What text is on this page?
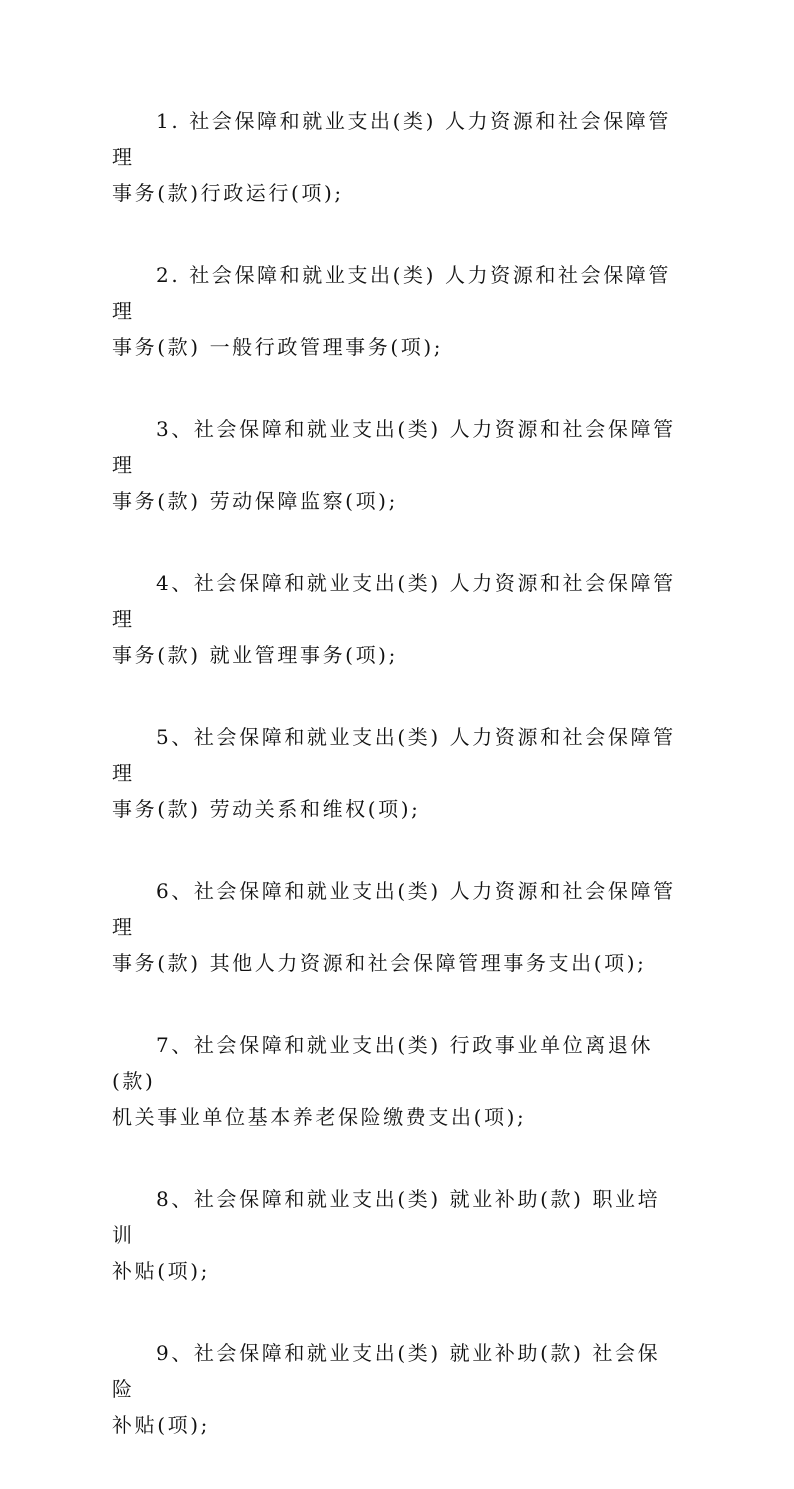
1. 社会保障和就业支出(类) 人力资源和社会保障管理
事务(款)行政运行(项);
2. 社会保障和就业支出(类) 人力资源和社会保障管理
事务(款) 一般行政管理事务(项);
3、社会保障和就业支出(类) 人力资源和社会保障管理
事务(款) 劳动保障监察(项);
4、社会保障和就业支出(类) 人力资源和社会保障管理
事务(款) 就业管理事务(项);
5、社会保障和就业支出(类) 人力资源和社会保障管理
事务(款) 劳动关系和维权(项);
6、社会保障和就业支出(类) 人力资源和社会保障管理
事务(款) 其他人力资源和社会保障管理事务支出(项);
7、社会保障和就业支出(类) 行政事业单位离退休(款)
机关事业单位基本养老保险缴费支出(项);
8、社会保障和就业支出(类) 就业补助(款) 职业培训
补贴(项);
9、社会保障和就业支出(类) 就业补助(款) 社会保险
补贴(项);
